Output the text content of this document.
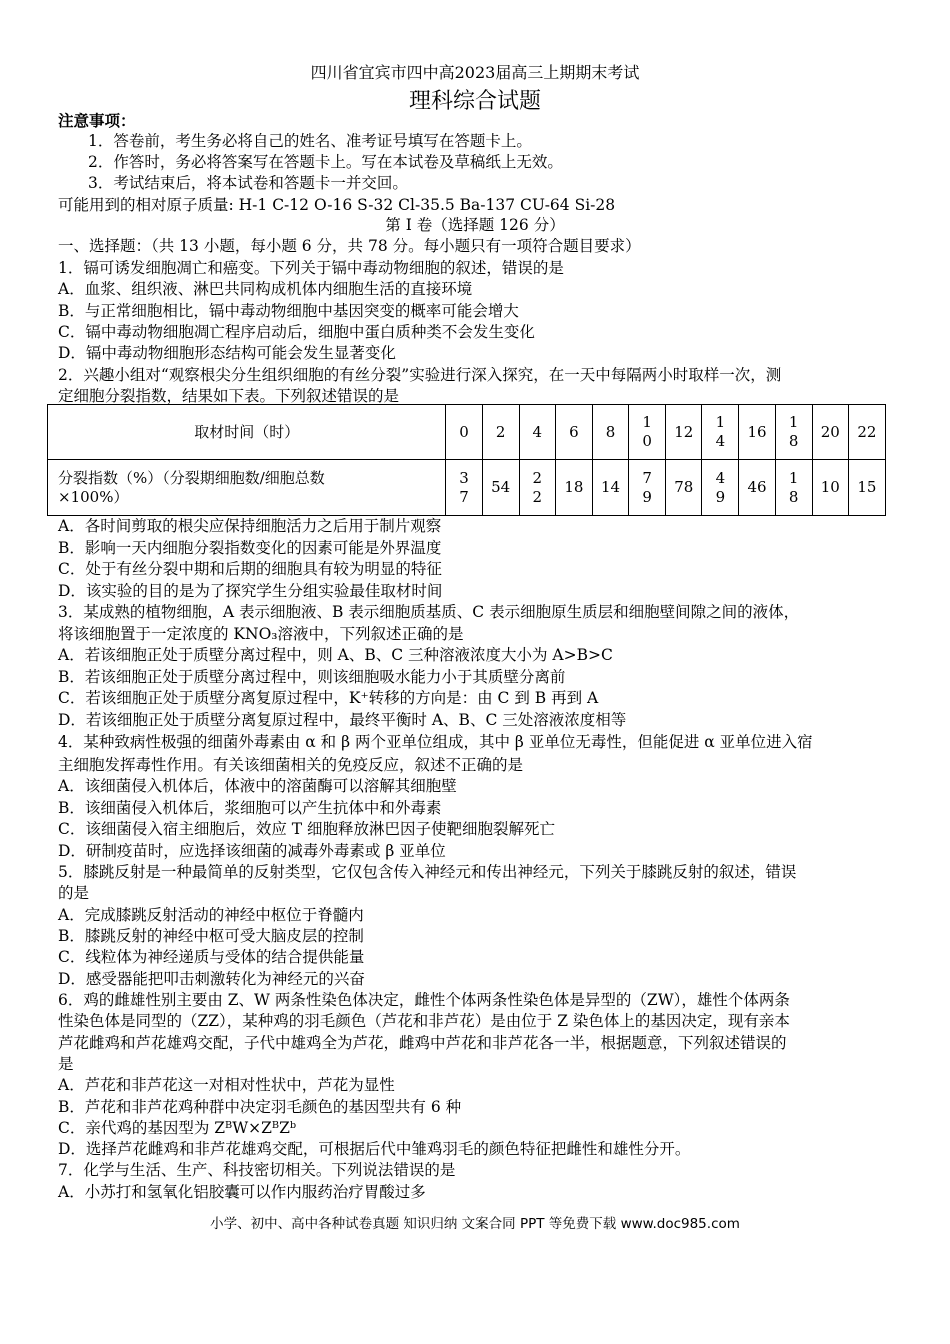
四川省宜宾市四中高2023届高三上期期末考试
理科综合试题
注意事项：
1．答卷前，考生务必将自己的姓名、准考证号填写在答题卡上。
2．作答时，务必将答案写在答题卡上。写在本试卷及草稿纸上无效。
3．考试结束后，将本试卷和答题卡一并交回。
可能用到的相对原子质量: H-1 C-12 O-16 S-32 Cl-35.5 Ba-137 CU-64 Si-28
第 I 卷（选择题 126 分）
一、选择题：（共 13 小题，每小题 6 分，共 78 分。每小题只有一项符合题目要求）
1．镉可诱发细胞凋亡和癌变。下列关于镉中毒动物细胞的叙述，错误的是
A．血浆、组织液、淋巴共同构成机体内细胞生活的直接环境
B．与正常细胞相比，镉中毒动物细胞中基因突变的概率可能会增大
C．镉中毒动物细胞凋亡程序启动后，细胞中蛋白质种类不会发生变化
D．镉中毒动物细胞形态结构可能会发生显著变化
2．兴趣小组对“观察根尖分生组织细胞的有丝分裂”实验进行深入探究，在一天中每隔两小时取样一次，测
定细胞分裂指数，结果如下表。下列叙述错误的是
取材时间（时）	0	2	4	6	8	10	12	14	16	18	20	22

分裂指数（%）（分裂期细胞数/细胞总数
×100%）	37	54	22	18	14	79	78	49	46	18	10	15
A．各时间剪取的根尖应保持细胞活力之后用于制片观察
B．影响一天内细胞分裂指数变化的因素可能是外界温度
C．处于有丝分裂中期和后期的细胞具有较为明显的特征
D．该实验的目的是为了探究学生分组实验最佳取材时间
3．某成熟的植物细胞，A 表示细胞液、B 表示细胞质基质、C 表示细胞原生质层和细胞壁间隙之间的液体，
将该细胞置于一定浓度的 KNO₃溶液中，下列叙述正确的是
A．若该细胞正处于质壁分离过程中，则 A、B、C 三种溶液浓度大小为 A>B>C
B．若该细胞正处于质壁分离过程中，则该细胞吸水能力小于其质壁分离前
C．若该细胞正处于质壁分离复原过程中，K⁺转移的方向是：由 C 到 B 再到 A
D．若该细胞正处于质壁分离复原过程中，最终平衡时 A、B、C 三处溶液浓度相等
4．某种致病性极强的细菌外毒素由 α 和 β 两个亚单位组成，其中 β 亚单位无毒性，但能促进 α 亚单位进入宿
主细胞发挥毒性作用。有关该细菌相关的免疫反应，叙述不正确的是
A．该细菌侵入机体后，体液中的溶菌酶可以溶解其细胞壁
B．该细菌侵入机体后，浆细胞可以产生抗体中和外毒素
C．该细菌侵入宿主细胞后，效应 T 细胞释放淋巴因子使靶细胞裂解死亡
D．研制疫苗时，应选择该细菌的减毒外毒素或 β 亚单位
5．膝跳反射是一种最简单的反射类型，它仅包含传入神经元和传出神经元，下列关于膝跳反射的叙述，错误
的是
A．完成膝跳反射活动的神经中枢位于脊髓内
B．膝跳反射的神经中枢可受大脑皮层的控制
C．线粒体为神经递质与受体的结合提供能量
D．感受器能把叩击刺激转化为神经元的兴奋
6．鸡的雌雄性别主要由 Z、W 两条性染色体决定，雌性个体两条性染色体是异型的（ZW），雄性个体两条
性染色体是同型的（ZZ），某种鸡的羽毛颜色（芦花和非芦花）是由位于 Z 染色体上的基因决定，现有亲本
芦花雌鸡和芦花雄鸡交配，子代中雄鸡全为芦花，雌鸡中芦花和非芦花各一半，根据题意，下列叙述错误的
是
A．芦花和非芦花这一对相对性状中，芦花为显性
B．芦花和非芦花鸡种群中决定羽毛颜色的基因型共有 6 种
C．亲代鸡的基因型为 ZᴮW×ZᴮZᵇ
D．选择芦花雌鸡和非芦花雄鸡交配，可根据后代中雏鸡羽毛的颜色特征把雌性和雄性分开。
7．化学与生活、生产、科技密切相关。下列说法错误的是
A．小苏打和氢氧化铝胶囊可以作内服药治疗胃酸过多
小学、初中、高中各种试卷真题 知识归纳 文案合同 PPT 等免费下载 www.doc985.com
